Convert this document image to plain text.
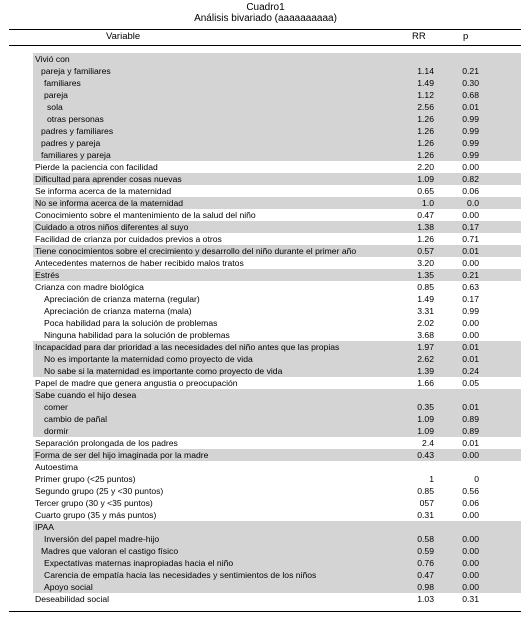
Cuadro1
Análisis bivariado (aaaaaaaaaa)
Variable	RR	p
Vivió con
pareja y familiares	1.14	0.21
familiares	1.49	0.30
pareja	1.12	0.68
sola	2.56	0.01
otras personas	1.26	0.99
padres y familiares	1.26	0.99
padres y pareja	1.26	0.99
familiares y pareja	1.26	0.99
Pierde la paciencia con facilidad	2.20	0.00
Dificultad para aprender cosas nuevas	1.09	0.82
Se informa acerca de la maternidad	0.65	0.06
No se informa acerca de la maternidad	1.0	0.0
Conocimiento sobre el mantenimiento de la salud del niño	0.47	0.00
Cuidado a otros niños diferentes al suyo	1.38	0.17
Facilidad de crianza por cuidados previos a otros	1.26	0.71
Tiene conocimientos sobre el crecimiento y desarrollo del niño durante el primer año	0.57	0.01
Antecedentes maternos de haber recibido malos tratos	3.20	0.00
Estrés	1.35	0.21
Crianza con madre biológica	0.85	0.63
Apreciación de crianza materna (regular)	1.49	0.17
Apreciación de crianza materna (mala)	3.31	0.99
Poca habilidad para la solución de problemas	2.02	0.00
Ninguna habilidad para la solución de problemas	3.68	0.00
Incapacidad para dar prioridad a las necesidades del niño antes que las propias	1.97	0.01
No es importante la maternidad como proyecto de vida	2.62	0.01
No sabe si la maternidad es importante como proyecto de vida	1.39	0.24
Papel de madre que genera angustia o preocupación	1.66	0.05
Sabe cuando el hijo desea
comer	0.35	0.01
cambio de pañal	1.09	0.89
dormir	1.09	0.89
Separación prolongada de los padres	2.4	0.01
Forma de ser del hijo imaginada por la madre	0.43	0.00
Autoestima
Primer grupo (<25 puntos)	1	0
Segundo grupo (25 y <30 puntos)	0.85	0.56
Tercer grupo (30 y <35 puntos)	057	0.06
Cuarto grupo (35 y más puntos)	0.31	0.00
IPAA
Inversión del papel madre-hijo	0.58	0.00
Madres que valoran el castigo físico	0.59	0.00
Expectativas maternas inapropiadas hacia el niño	0.76	0.00
Carencia de empatía hacia las necesidades y sentimientos de los niños	0.47	0.00
Apoyo social	0.98	0.00
Deseabilidad social	1.03	0.31
